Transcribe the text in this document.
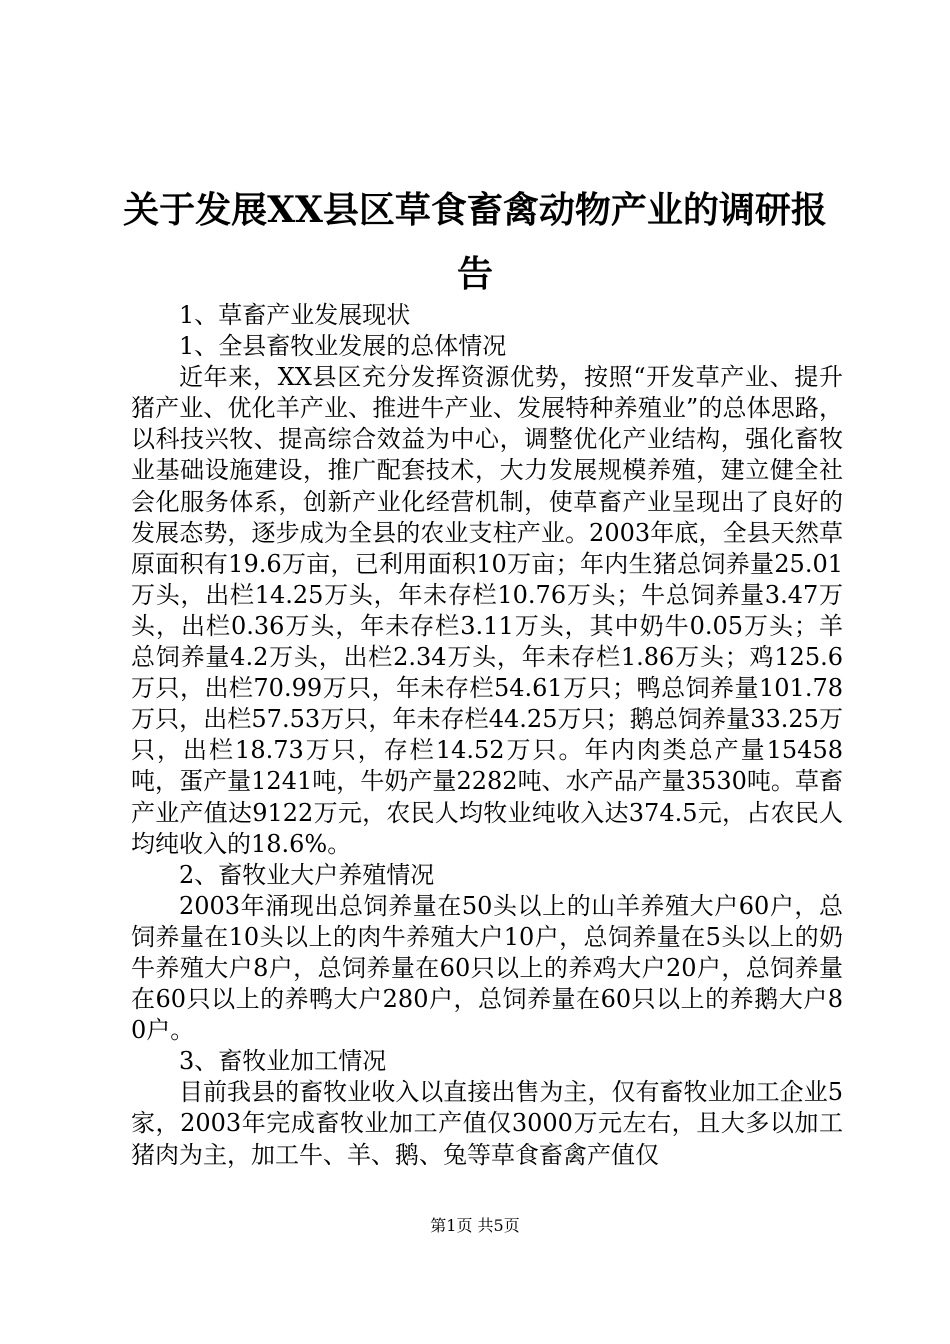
关于发展XX县区草食畜禽动物产业的调研报告

1、草畜产业发展现状

1、全县畜牧业发展的总体情况

近年来，XX县区充分发挥资源优势，按照“开发草产业、提升猪产业、优化羊产业、推进牛产业、发展特种养殖业”的总体思路，以科技兴牧、提高综合效益为中心，调整优化产业结构，强化畜牧业基础设施建设，推广配套技术，大力发展规模养殖，建立健全社会化服务体系，创新产业化经营机制，使草畜产业呈现出了良好的发展态势，逐步成为全县的农业支柱产业。2003年底，全县天然草原面积有19.6万亩，已利用面积10万亩；年内生猪总饲养量25.01万头，出栏14.25万头，年未存栏10.76万头；牛总饲养量3.47万头，出栏0.36万头，年未存栏3.11万头，其中奶牛0.05万头；羊总饲养量4.2万头，出栏2.34万头，年未存栏1.86万头；鸡125.6万只，出栏70.99万只，年未存栏54.61万只；鸭总饲养量101.78万只，出栏57.53万只，年未存栏44.25万只；鹅总饲养量33.25万只，出栏18.73万只，存栏14.52万只。年内肉类总产量15458吨，蛋产量1241吨，牛奶产量2282吨、水产品产量3530吨。草畜产业产值达9122万元，农民人均牧业纯收入达374.5元，占农民人均纯收入的18.6%。

2、畜牧业大户养殖情况

2003年涌现出总饲养量在50头以上的山羊养殖大户60户，总饲养量在10头以上的肉牛养殖大户10户，总饲养量在5头以上的奶牛养殖大户8户，总饲养量在60只以上的养鸡大户20户，总饲养量在60只以上的养鸭大户280户，总饲养量在60只以上的养鹅大户80户。

3、畜牧业加工情况

目前我县的畜牧业收入以直接出售为主，仅有畜牧业加工企业5家，2003年完成畜牧业加工产值仅3000万元左右，且大多以加工猪肉为主，加工牛、羊、鹅、兔等草食畜禽产值仅

第1页 共5页
